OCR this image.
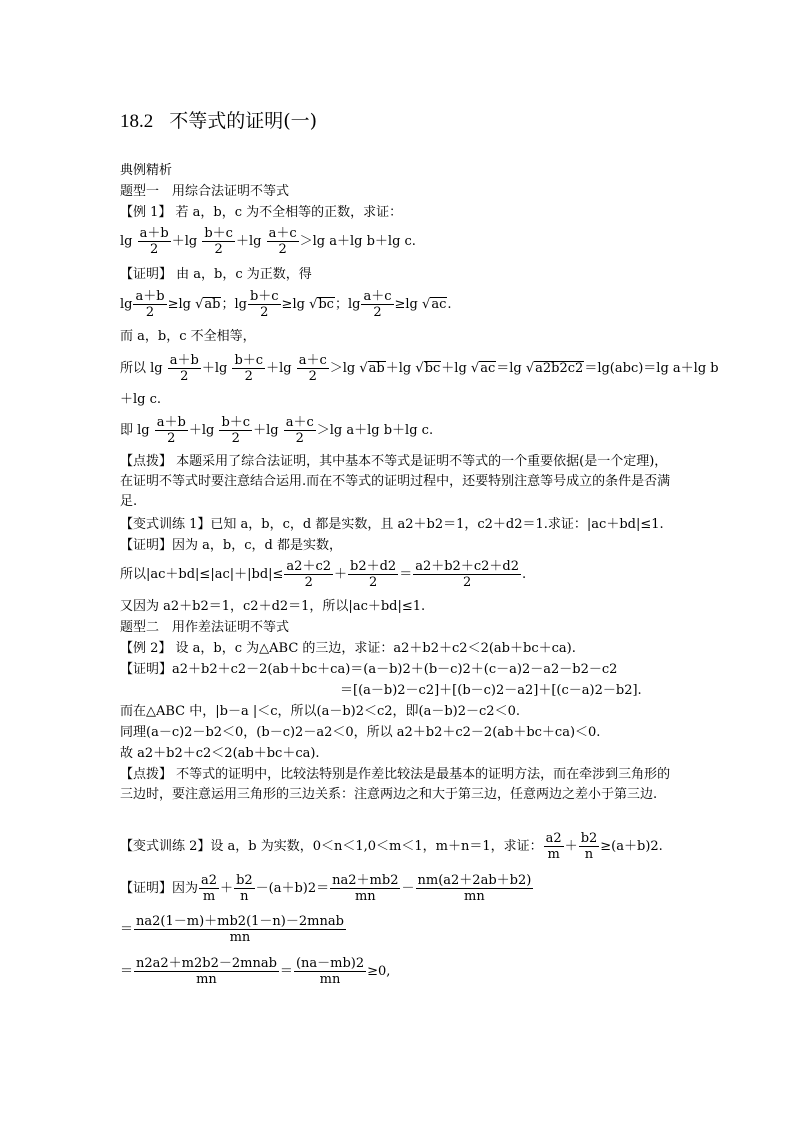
18.2 不等式的证明(一)
典例精析
题型一　用综合法证明不等式
【例 1】 若 a，b，c 为不全相等的正数，求证：
$\lg \frac{a+b}{2} +\lg \frac{b+c}{2} +\lg \frac{a+c}{2} >\lg$ a＋lg b＋lg c.
【证明】 由 a，b，c 为正数，得
$\lg \frac{a+b}{2} \ge\lg$ √ ab；$\lg \frac{b+c}{2} \ge\lg$ √ bc；$\lg \frac{a+c}{2} \ge\lg$ √ ac.
而 a，b，c 不全相等，
所以 $\lg \frac{a+b}{2} +\lg \frac{b+c}{2} +\lg \frac{a+c}{2} >\lg$ √ ab＋lg √ bc＋lg √ ac＝lg √ a2b2c2＝lg(abc)＝lg a＋lg b
＋lg c.
即 $\lg \frac{a+b}{2} +\lg \frac{b+c}{2} +\lg \frac{a+c}{2} >\lg$ a＋lg b＋lg c.
【点拨】 本题采用了综合法证明，其中基本不等式是证明不等式的一个重要依据(是一个定理)，在证明不等式时要注意结合运用.而在不等式的证明过程中，还要特别注意等号成立的条件是否满足.
【变式训练 1】已知 a，b，c，d 都是实数，且 a2＋b2＝1，c2＋d2＝1.求证：|ac＋bd|≤1.
【证明】因为 a，b，c，d 都是实数，
所以$|ac+bd|\le|ac|+|bd|\le \frac{a2+c2}{2} + \frac{b2+d2}{2} = \frac{a2+b2+c2+d2}{2}$ .
又因为 a2＋b2＝1，c2＋d2＝1，所以|ac＋bd|≤1.
题型二　用作差法证明不等式
【例 2】 设 a，b，c 为△ABC 的三边，求证：a2＋b2＋c2＜2(ab＋bc＋ca).
【证明】a2＋b2＋c2－2(ab＋bc＋ca)＝(a－b)2＋(b－c)2＋(c－a)2－a2－b2－c2
＝[(a－b)2－c2]＋[(b－c)2－a2]＋[(c－a)2－b2].
而在△ABC 中，|b－a |＜c，所以(a－b)2＜c2，即(a－b)2－c2＜0.
同理(a－c)2－b2＜0，(b－c)2－a2＜0，所以 a2＋b2＋c2－2(ab＋bc＋ca)＜0.
故 a2＋b2＋c2＜2(ab＋bc＋ca).
【点拨】 不等式的证明中，比较法特别是作差比较法是最基本的证明方法，而在牵涉到三角形的三边时，要注意运用三角形的三边关系：注意两边之和大于第三边，任意两边之差小于第三边.
【变式训练 2】设 a，b 为实数，0＜n＜1,0＜m＜1，m＋n＝1，求证： $\frac{a2}{m} + \frac{b2}{n} \ge(a+b)2$.
【证明】因为 $\frac{a2}{m} + \frac{b2}{n} -(a+b)2= \frac{na2+mb2}{mn} - \frac{nm(a2+2ab+b2)}{mn}$
＝
na2(1－m)＋mb2(1－n)－2mnab
mn
＝
n2a2＋m2b2－2mnab
mn
＝ $\frac{(na-mb)2}{mn} \ge 0$,
